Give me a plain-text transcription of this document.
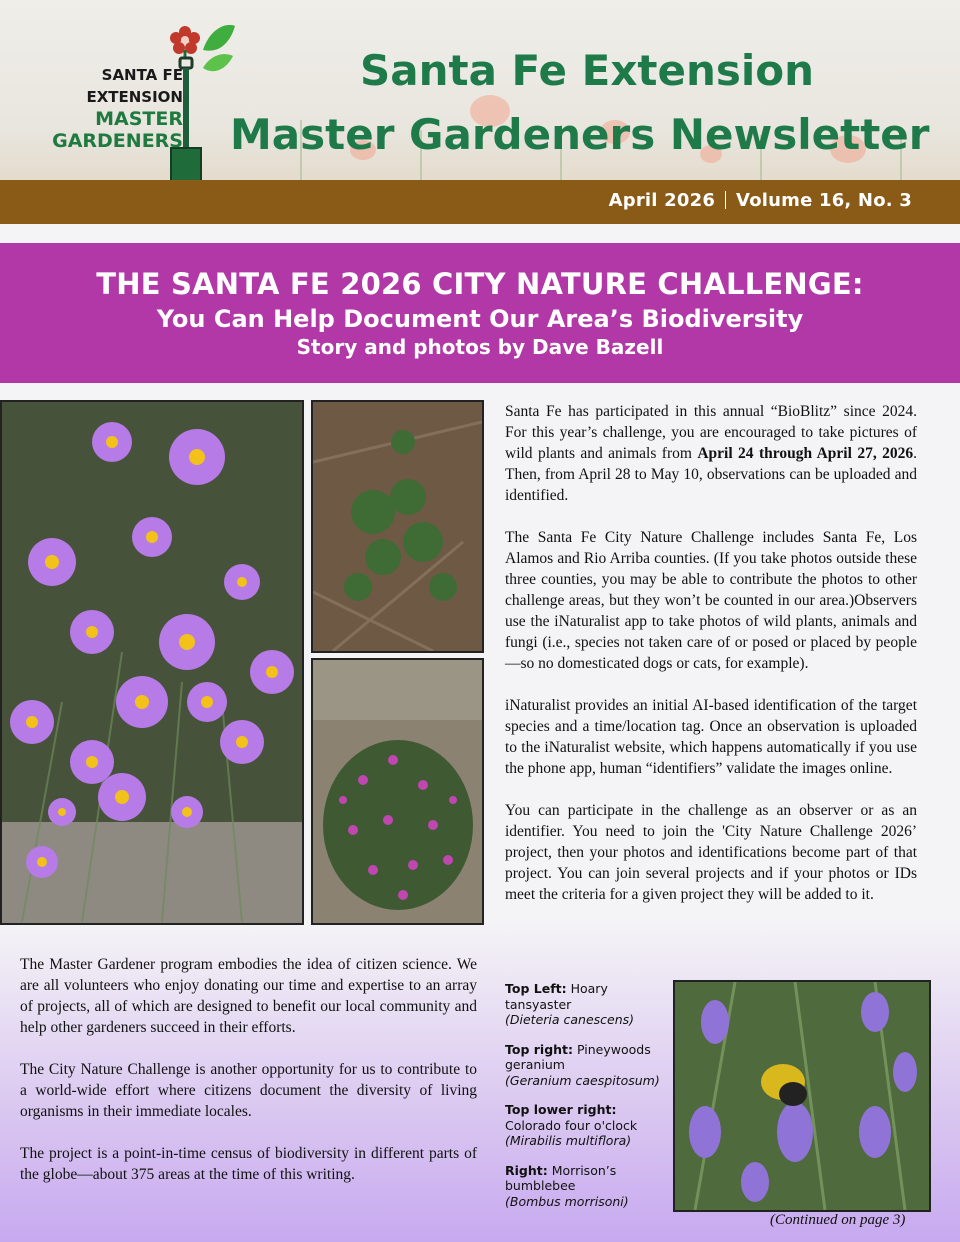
SANTA FE
EXTENSION
MASTER
GARDENERS
Santa Fe Extension
Master Gardeners Newsletter
April 2026 Volume 16, No. 3
THE SANTA FE 2026 CITY NATURE CHALLENGE:
You Can Help Document Our Area’s Biodiversity
Story and photos by Dave Bazell

Santa Fe has participated in this annual “BioBlitz” since 2024. For this year’s challenge, you are encouraged to take pictures of wild plants and animals from April 24 through April 27, 2026. Then, from April 28 to May 10, observations can be uploaded and identified.

The Santa Fe City Nature Challenge includes Santa Fe, Los Alamos and Rio Arriba counties. (If you take photos outside these three counties, you may be able to contribute the photos to other challenge areas, but they won’t be counted in our area.)Observers use the iNaturalist app to take photos of wild plants, animals and fungi (i.e., species not taken care of or posed or placed by people—so no domesticated dogs or cats, for example).

iNaturalist provides an initial AI-based identification of the target species and a time/location tag. Once an observation is uploaded to the iNaturalist website, which happens automatically if you use the phone app, human “identifiers” validate the images online.

You can participate in the challenge as an observer or as an identifier. You need to join the 'City Nature Challenge 2026’ project, then your photos and identifications become part of that project. You can join several projects and if your photos or IDs meet the criteria for a given project they will be added to it.

The Master Gardener program embodies the idea of citizen science. We are all volunteers who enjoy donating our time and expertise to an array of projects, all of which are designed to benefit our local community and help other gardeners succeed in their efforts.

The City Nature Challenge is another opportunity for us to contribute to a world-wide effort where citizens document the diversity of living organisms in their immediate locales.

The project is a point-in-time census of biodiversity in different parts of the globe—about 375 areas at the time of this writing.

Top Left: Hoary tansyaster
(Dieteria canescens)
Top right: Pineywoods geranium
(Geranium caespitosum)
Top lower right:
Colorado four o'clock
(Mirabilis multiflora)
Right: Morrison’s bumblebee
(Bombus morrisoni)
(Continued on page 3)
